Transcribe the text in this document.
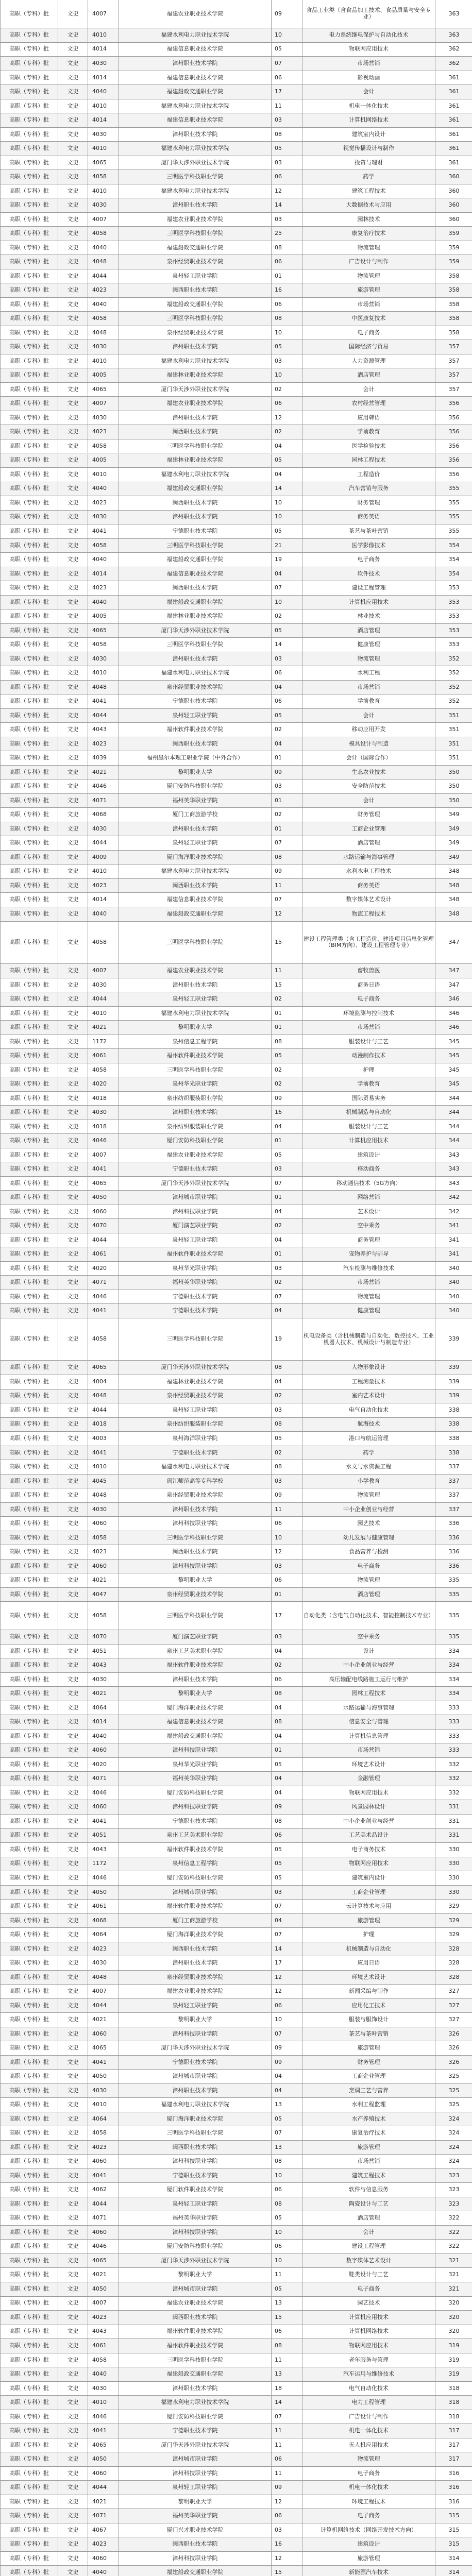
高职（专科）批	文史	4007	福建农业职业技术学院	09	食品工业类（含食品加工技术、食品质量与安全专业）	363
高职（专科）批	文史	4010	福建水利电力职业技术学院	10	电力系统继电保护与自动化技术	363
高职（专科）批	文史	4014	福建信息职业技术学院	05	物联网应用技术	362
高职（专科）批	文史	4030	漳州职业技术学院	07	市场营销	362
高职（专科）批	文史	4014	福建信息职业技术学院	06	影视动画	361
高职（专科）批	文史	4040	福建船政交通职业学院	17	会计	361
高职（专科）批	文史	4010	福建水利电力职业技术学院	11	机电一体化技术	361
高职（专科）批	文史	4014	福建信息职业技术学院	03	计算机网络技术	361
高职（专科）批	文史	4030	漳州职业技术学院	08	建筑室内设计	361
高职（专科）批	文史	4010	福建水利电力职业技术学院	05	视觉传播设计与制作	361
高职（专科）批	文史	4065	厦门华天涉外职业技术学院	03	投资与理财	361
高职（专科）批	文史	4058	三明医学科技职业学院	06	药学	360
高职（专科）批	文史	4010	福建水利电力职业技术学院	12	建筑工程技术	360
高职（专科）批	文史	4030	漳州职业技术学院	14	大数据技术与应用	360
高职（专科）批	文史	4007	福建农业职业技术学院	03	园林技术	360
高职（专科）批	文史	4058	三明医学科技职业学院	25	康复治疗技术	359
高职（专科）批	文史	4040	福建船政交通职业学院	08	物流管理	359
高职（专科）批	文史	4048	泉州经贸职业技术学院	06	广告设计与制作	359
高职（专科）批	文史	4044	泉州轻工职业学院	01	物流管理	358
高职（专科）批	文史	4023	闽西职业技术学院	16	旅游管理	358
高职（专科）批	文史	4040	福建船政交通职业学院	06	市场营销	358
高职（专科）批	文史	4058	三明医学科技职业学院	08	中医康复技术	358
高职（专科）批	文史	4048	泉州经贸职业技术学院	10	电子商务	358
高职（专科）批	文史	4030	漳州职业技术学院	05	国际经济与贸易	357
高职（专科）批	文史	4010	福建水利电力职业技术学院	03	人力资源管理	357
高职（专科）批	文史	4005	福建林业职业技术学院	10	酒店管理	357
高职（专科）批	文史	4065	厦门华天涉外职业技术学院	02	会计	357
高职（专科）批	文史	4007	福建农业职业技术学院	06	农村经营管理	356
高职（专科）批	文史	4030	漳州职业技术学院	12	应用韩语	356
高职（专科）批	文史	4023	闽西职业技术学院	02	学前教育	356
高职（专科）批	文史	4058	三明医学科技职业学院	04	医学检验技术	356
高职（专科）批	文史	4005	福建林业职业技术学院	05	园林工程技术	356
高职（专科）批	文史	4010	福建水利电力职业技术学院	04	工程造价	356
高职（专科）批	文史	4040	福建船政交通职业学院	14	汽车营销与服务	355
高职（专科）批	文史	4023	闽西职业技术学院	10	财务管理	355
高职（专科）批	文史	4030	漳州职业技术学院	10	商务英语	355
高职（专科）批	文史	4041	宁德职业技术学院	05	茶艺与茶叶营销	355
高职（专科）批	文史	4058	三明医学科技职业学院	21	医学影像技术	354
高职（专科）批	文史	4040	福建船政交通职业学院	19	电子商务	354
高职（专科）批	文史	4014	福建信息职业技术学院	04	软件技术	354
高职（专科）批	文史	4023	闽西职业技术学院	07	建设工程管理	353
高职（专科）批	文史	4040	福建船政交通职业学院	10	计算机应用技术	353
高职（专科）批	文史	4005	福建林业职业技术学院	02	林业技术	353
高职（专科）批	文史	4065	厦门华天涉外职业技术学院	05	酒店管理	353
高职（专科）批	文史	4058	三明医学科技职业学院	14	健康管理	353
高职（专科）批	文史	4030	漳州职业技术学院	03	物流管理	352
高职（专科）批	文史	4010	福建水利电力职业技术学院	06	水利工程	352
高职（专科）批	文史	4048	泉州经贸职业技术学院	04	市场营销	352
高职（专科）批	文史	4041	宁德职业技术学院	06	学前教育	352
高职（专科）批	文史	4044	泉州轻工职业学院	05	会计	351
高职（专科）批	文史	4043	福州软件职业技术学院	02	移动应用开发	351
高职（专科）批	文史	4023	闽西职业技术学院	04	模具设计与制造	351
高职（专科）批	文史	4039	福州墨尔本理工职业学院（中外合作）	01	会计（国际合作）	351
高职（专科）批	文史	4021	黎明职业大学	09	生态农业技术	350
高职（专科）批	文史	4046	厦门安防科技职业学院	03	安全防范技术	350
高职（专科）批	文史	4071	福州英华职业学院	01	会计	350
高职（专科）批	文史	4068	厦门工商旅游学校	02	财务管理	349
高职（专科）批	文史	4030	漳州职业技术学院	01	工商企业管理	349
高职（专科）批	文史	4044	泉州轻工职业学院	07	酒店管理	349
高职（专科）批	文史	4009	厦门海洋职业技术学院	08	水路运输与海事管理	349
高职（专科）批	文史	4010	福建水利电力职业技术学院	09	水利水电工程技术	348
高职（专科）批	文史	4023	闽西职业技术学院	11	商务英语	348
高职（专科）批	文史	4014	福建信息职业技术学院	07	数字媒体艺术设计	348
高职（专科）批	文史	4040	福建船政交通职业学院	12	物流工程技术	348
高职（专科）批	文史	4058	三明医学科技职业学院	15	建设工程管理类（含工程造价、建设项目信息化管理（BIM方向）、建设工程管理专业）	347
高职（专科）批	文史	4007	福建农业职业技术学院	11	畜牧兽医	347
高职（专科）批	文史	4030	漳州职业技术学院	15	商务日语	347
高职（专科）批	文史	4044	泉州轻工职业学院	02	电子商务	346
高职（专科）批	文史	4010	福建水利电力职业技术学院	01	环境监测与控制技术	346
高职（专科）批	文史	4021	黎明职业大学	01	市场营销	346
高职（专科）批	文史	1172	泉州信息工程学院	08	服装设计与工艺	345
高职（专科）批	文史	4061	福州软件职业技术学院	05	动漫制作技术	345
高职（专科）批	文史	4058	三明医学科技职业学院	02	护理	345
高职（专科）批	文史	4020	泉州华光职业学院	02	学前教育	345
高职（专科）批	文史	4018	泉州纺织服装职业学院	09	国际贸易实务	344
高职（专科）批	文史	4030	漳州职业技术学院	16	机械制造与自动化	344
高职（专科）批	文史	4018	泉州纺织服装职业学院	04	服装设计与工艺	344
高职（专科）批	文史	4046	厦门安防科技职业学院	01	计算机应用技术	344
高职（专科）批	文史	4007	福建农业职业技术学院	05	建筑设计	343
高职（专科）批	文史	4041	宁德职业技术学院	03	移动商务	343
高职（专科）批	文史	4065	厦门华天涉外职业技术学院	07	移动通信技术（5G方向）	343
高职（专科）批	文史	4050	漳州城市职业学院	01	网络营销	342
高职（专科）批	文史	4060	漳州科技职业学院	04	艺术设计	342
高职（专科）批	文史	4070	厦门演艺职业学院	02	空中乘务	341
高职（专科）批	文史	4044	泉州轻工职业学院	04	商务管理	341
高职（专科）批	文史	4061	福州软件职业技术学院	01	宠物养护与驯导	341
高职（专科）批	文史	4020	泉州华光职业学院	03	汽车检测与维修技术	340
高职（专科）批	文史	4071	福州英华职业学院	02	市场营销	340
高职（专科）批	文史	4046	宁德职业技术学院	07	物流管理	340
高职（专科）批	文史	4041	宁德职业技术学院	04	健康管理	340
高职（专科）批	文史	4058	三明医学科技职业学院	19	机电设备类（含机械制造与自动化、数控技术、工业机器人技术、机械设计与制造专业）	339
高职（专科）批	文史	4065	厦门华天涉外职业技术学院	08	人物形象设计	339
高职（专科）批	文史	4004	福建林业职业技术学院	04	工程测量技术	339
高职（专科）批	文史	4048	泉州经贸职业技术学院	02	室内艺术设计	339
高职（专科）批	文史	4044	泉州轻工职业学院	03	电气自动化技术	338
高职（专科）批	文史	4018	泉州纺织服装职业学院	08	航海技术	338
高职（专科）批	文史	4003	泉州海洋职业学院	05	港口与航运管理	338
高职（专科）批	文史	4041	宁德职业技术学院	02	药学	338
高职（专科）批	文史	4010	福建水利电力职业技术学院	08	水文与水资源工程	337
高职（专科）批	文史	4045	闽江师范高等专科学校	03	小学教育	337
高职（专科）批	文史	4048	泉州经贸职业技术学院	09	物流管理	337
高职（专科）批	文史	4030	漳州职业技术学院	11	中小企业创业与经营	337
高职（专科）批	文史	4060	漳州科技职业学院	06	园艺技术	336
高职（专科）批	文史	4058	三明医学科技职业学院	10	幼儿发展与健康管理	336
高职（专科）批	文史	4023	闽西职业技术学院	12	食品营养与检测	336
高职（专科）批	文史	4060	漳州科技职业学院	03	电子商务	336
高职（专科）批	文史	4021	黎明职业大学	06	物流管理	335
高职（专科）批	文史	4047	泉州经贸职业技术学院	01	酒店管理	335
高职（专科）批	文史	4058	三明医学科技职业学院	17	自动化类（含电气自动化技术、智能控制技术专业）	335
高职（专科）批	文史	4070	厦门演艺职业学院	03	空中乘务	335
高职（专科）批	文史	4051	泉州工艺美术职业学院	04	设计	334
高职（专科）批	文史	4043	福州软件职业技术学院	02	中小企业创业与经营	334
高职（专科）批	文史	4030	漳州职业技术学院	06	高压输配电线路施工运行与维护	334
高职（专科）批	文史	4021	黎明职业大学	08	园林工程技术	334
高职（专科）批	文史	4064	厦门海洋职业技术学院	04	水路运输与海事管理	333
高职（专科）批	文史	4014	福建信息职业技术学院	08	信息安全与管理	333
高职（专科）批	文史	4040	福建船政交通职业学院	04	计算机信息管理	333
高职（专科）批	文史	4060	漳州科技职业学院	01	市场营销	333
高职（专科）批	文史	4020	泉州华光职业学院	05	环境艺术设计	332
高职（专科）批	文史	4071	福州英华职业学院	04	金融管理	332
高职（专科）批	文史	4046	厦门安防科技职业学院	04	物联网应用技术	332
高职（专科）批	文史	4060	漳州科技职业学院	09	风景园林设计	331
高职（专科）批	文史	4041	宁德职业技术学院	08	中小企业创业与经营	331
高职（专科）批	文史	4051	泉州工艺美术职业学院	06	工艺美术品设计	331
高职（专科）批	文史	4043	福州软件职业技术学院	05	电子商务技术	330
高职（专科）批	文史	1172	泉州信息工程学院	05	物联网应用技术	330
高职（专科）批	文史	4046	厦门安防科技职业学院	05	建筑室内设计	330
高职（专科）批	文史	4050	漳州城市职业学院	03	工商企业管理	330
高职（专科）批	文史	4061	福州软件职业技术学院	07	云计算技术与应用	329
高职（专科）批	文史	4068	厦门工商旅游学校	04	旅游管理	329
高职（专科）批	文史	4064	厦门海洋职业技术学院	07	护理	329
高职（专科）批	文史	4023	闽西职业技术学院	14	机械制造与自动化	328
高职（专科）批	文史	4030	漳州职业技术学院	17	应用日语	328
高职（专科）批	文史	4048	泉州经贸职业技术学院	12	环境艺术设计	328
高职（专科）批	文史	4007	福建农业职业技术学院	12	新闻采编与制作	327
高职（专科）批	文史	4044	泉州轻工职业学院	06	应用化工技术	327
高职（专科）批	文史	4021	黎明职业大学	10	服装与服饰设计	327
高职（专科）批	文史	4060	漳州科技职业学院	07	茶艺与茶叶营销	326
高职（专科）批	文史	4065	厦门华天涉外职业技术学院	09	旅游管理	326
高职（专科）批	文史	4041	宁德职业技术学院	09	财务管理	326
高职（专科）批	文史	4050	漳州城市职业学院	04	工商企业管理	325
高职（专科）批	文史	4030	漳州职业技术学院	04	烹调工艺与营养	325
高职（专科）批	文史	4010	福建水利电力职业技术学院	13	水利工程监理	325
高职（专科）批	文史	4064	厦门海洋职业技术学院	05	水产养殖技术	324
高职（专科）批	文史	4058	三明医学科技职业学院	07	康复治疗技术	324
高职（专科）批	文史	4023	闽西职业技术学院	13	旅游管理	324
高职（专科）批	文史	4060	漳州科技职业学院	08	市场营销	324
高职（专科）批	文史	4041	宁德职业技术学院	10	建筑工程技术	323
高职（专科）批	文史	4062	厦门软件职业技术学院	06	软件与信息服务	323
高职（专科）批	文史	4044	泉州轻工职业学院	08	陶瓷设计与工艺	323
高职（专科）批	文史	4071	福州英华职业学院	05	酒店管理	322
高职（专科）批	文史	4060	漳州科技职业学院	10	会计	322
高职（专科）批	文史	4046	厦门安防科技职业学院	06	建设工程管理	322
高职（专科）批	文史	4065	厦门华天涉外职业技术学院	10	数字媒体艺术设计	321
高职（专科）批	文史	4021	黎明职业大学	11	鞋类设计与工艺	321
高职（专科）批	文史	4050	漳州城市职业学院	05	电子商务	321
高职（专科）批	文史	4007	福建农业职业技术学院	13	园艺技术	320
高职（专科）批	文史	4023	闽西职业技术学院	15	计算机应用技术	320
高职（专科）批	文史	4043	福州软件职业技术学院	06	计算机网络技术	320
高职（专科）批	文史	4061	福州软件职业技术学院	08	物联网应用技术	319
高职（专科）批	文史	4058	三明医学科技职业学院	11	老年服务与管理	319
高职（专科）批	文史	4040	福建船政交通职业学院	13	汽车运用与维修技术	319
高职（专科）批	文史	4030	漳州职业技术学院	18	电气自动化技术	318
高职（专科）批	文史	4010	福建水利电力职业技术学院	14	电力工程管理	318
高职（专科）批	文史	4046	厦门安防科技职业学院	07	广告设计与制作	318
高职（专科）批	文史	4041	宁德职业技术学院	11	机电一体化技术	317
高职（专科）批	文史	4065	厦门华天涉外职业技术学院	11	无人机应用技术	317
高职（专科）批	文史	4050	漳州城市职业学院	06	物流管理	317
高职（专科）批	文史	4060	漳州科技职业学院	11	电子商务	316
高职（专科）批	文史	4044	泉州轻工职业学院	09	机电一体化技术	316
高职（专科）批	文史	4021	黎明职业大学	12	环境工程技术	316
高职（专科）批	文史	4071	福州英华职业学院	06	电子商务	315
高职（专科）批	文史	4067	厦门兴才职业技术学院	03	计算机网络技术（网络开发技术方向）	315
高职（专科）批	文史	4023	闽西职业技术学院	16	建筑设计	315
高职（专科）批	文史	4060	漳州科技职业学院	12	旅游管理	314
高职（专科）批	文史	4040	福建船政交通职业学院	15	新能源汽车技术	314
